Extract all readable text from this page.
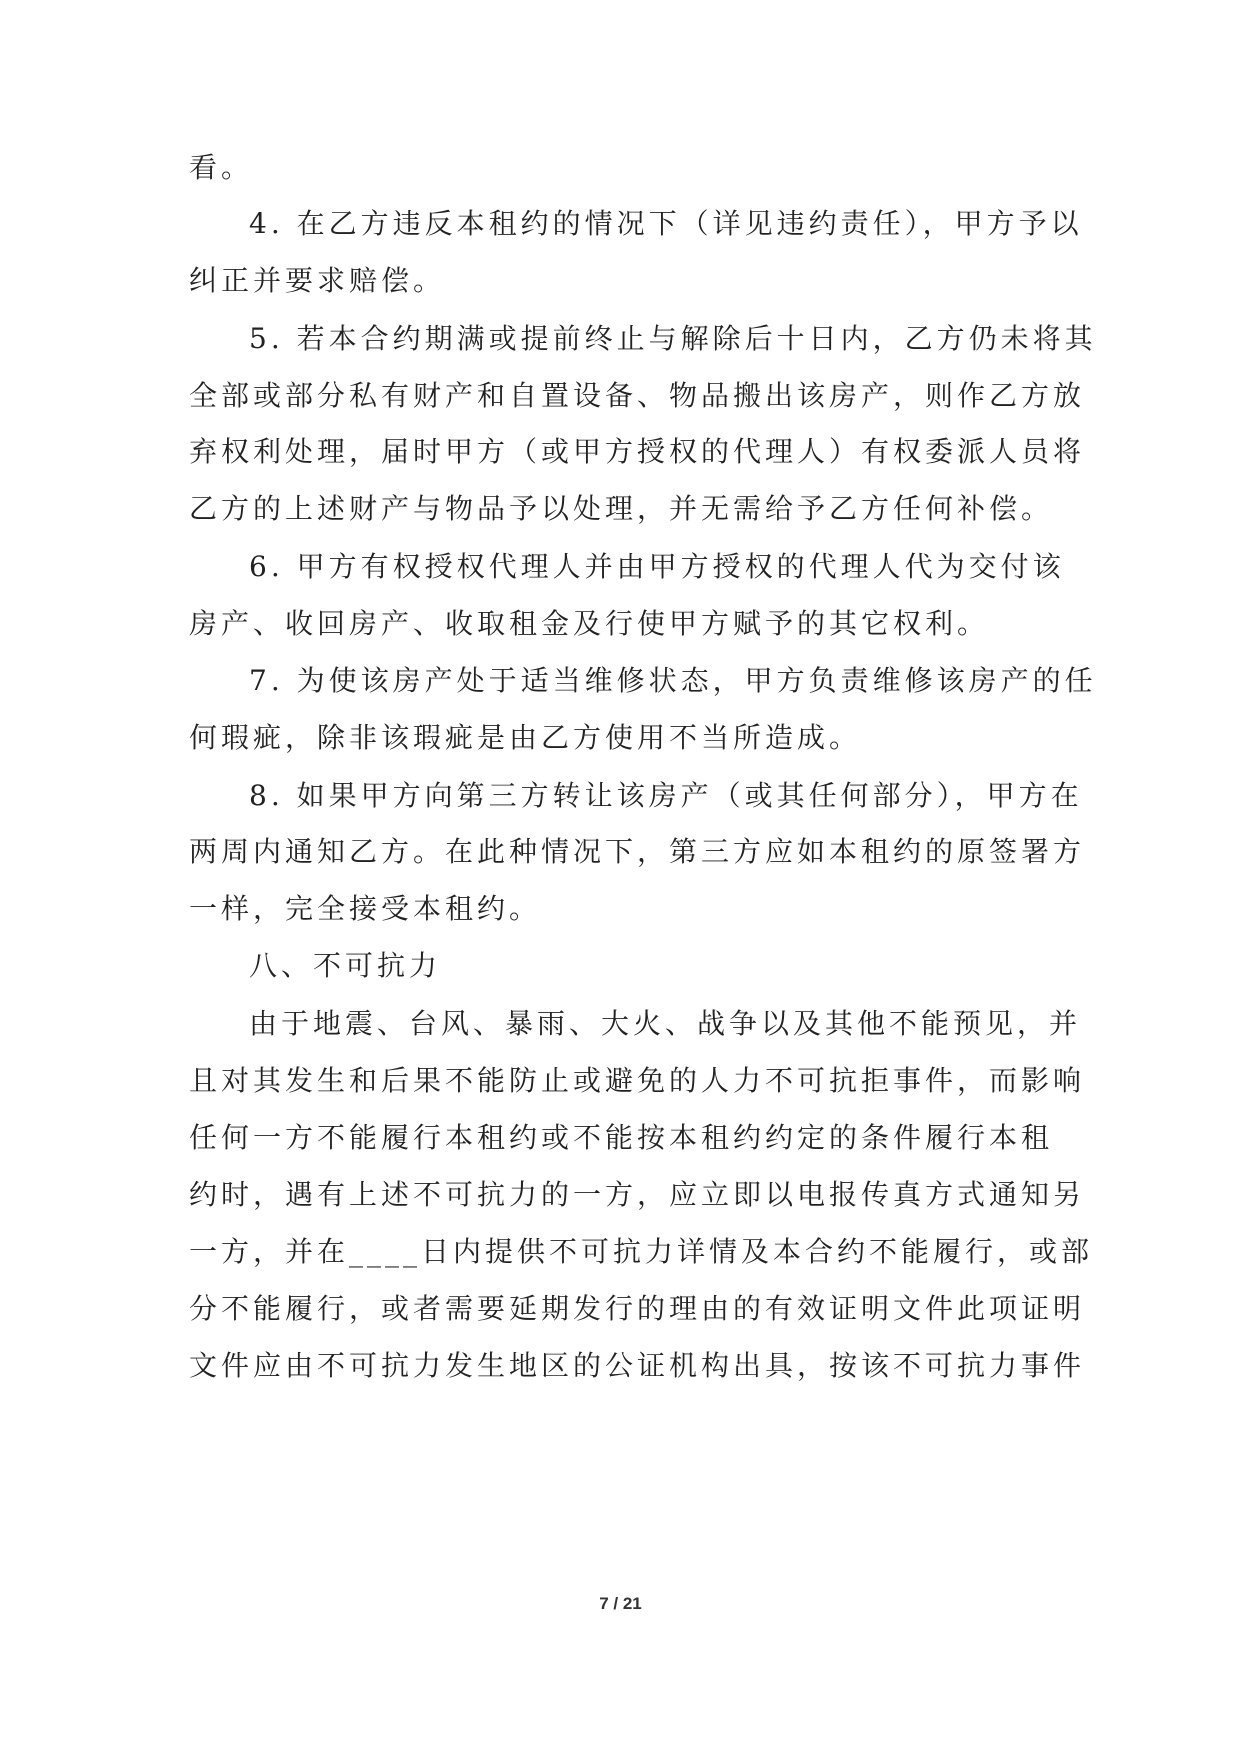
看。
4. 在乙方违反本租约的情况下（详见违约责任），甲方予以
纠正并要求赔偿。
5. 若本合约期满或提前终止与解除后十日内，乙方仍未将其
全部或部分私有财产和自置设备、物品搬出该房产，则作乙方放
弃权利处理，届时甲方（或甲方授权的代理人）有权委派人员将
乙方的上述财产与物品予以处理，并无需给予乙方任何补偿。
6. 甲方有权授权代理人并由甲方授权的代理人代为交付该
房产、收回房产、收取租金及行使甲方赋予的其它权利。
7. 为使该房产处于适当维修状态，甲方负责维修该房产的任
何瑕疵，除非该瑕疵是由乙方使用不当所造成。
8. 如果甲方向第三方转让该房产（或其任何部分），甲方在
两周内通知乙方。在此种情况下，第三方应如本租约的原签署方
一样，完全接受本租约。
八、不可抗力
由于地震、台风、暴雨、大火、战争以及其他不能预见，并
且对其发生和后果不能防止或避免的人力不可抗拒事件，而影响
任何一方不能履行本租约或不能按本租约约定的条件履行本租
约时，遇有上述不可抗力的一方，应立即以电报传真方式通知另
一方，并在____日内提供不可抗力详情及本合约不能履行，或部
分不能履行，或者需要延期发行的理由的有效证明文件此项证明
文件应由不可抗力发生地区的公证机构出具，按该不可抗力事件
7 / 21
